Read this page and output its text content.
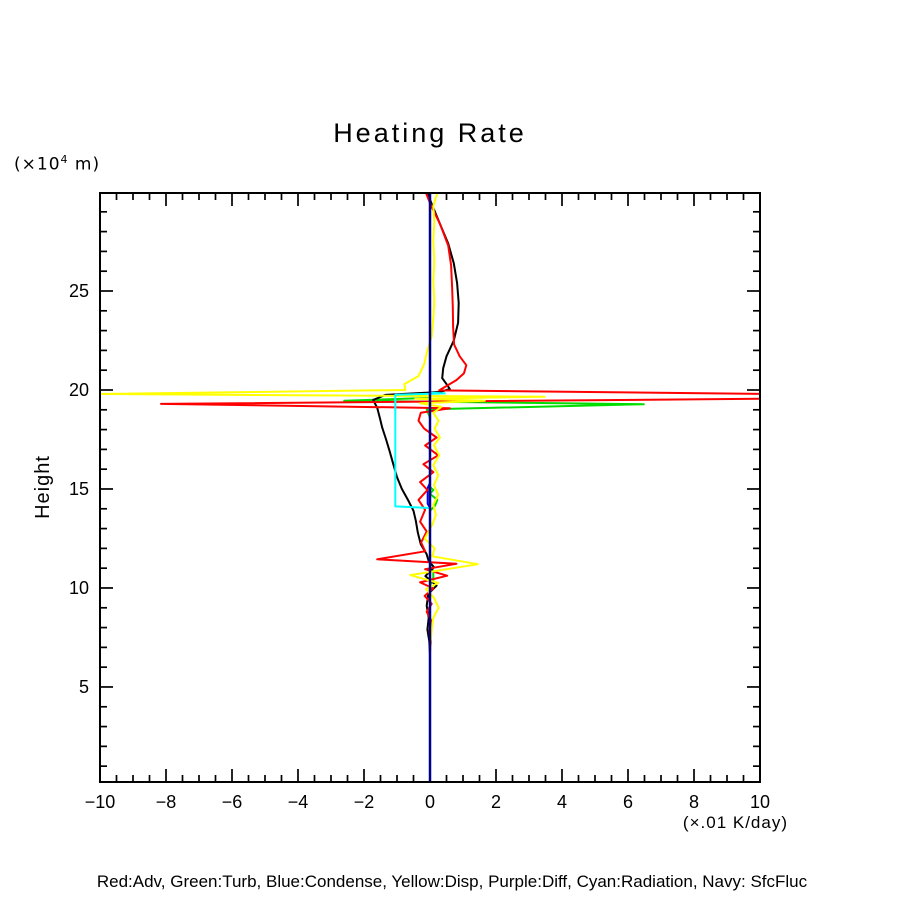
Heating Rate
($\times 10^4$ m)
Height
−10 −8	−6	−4	−2	0	2	4	6	8	10
5
10
15
20
25
(×.01 K/day)
Red:Adv, Green:Turb, Blue:Condense, Yellow:Disp, Purple:Diff, Cyan:Radiation, Navy: SfcFluc
